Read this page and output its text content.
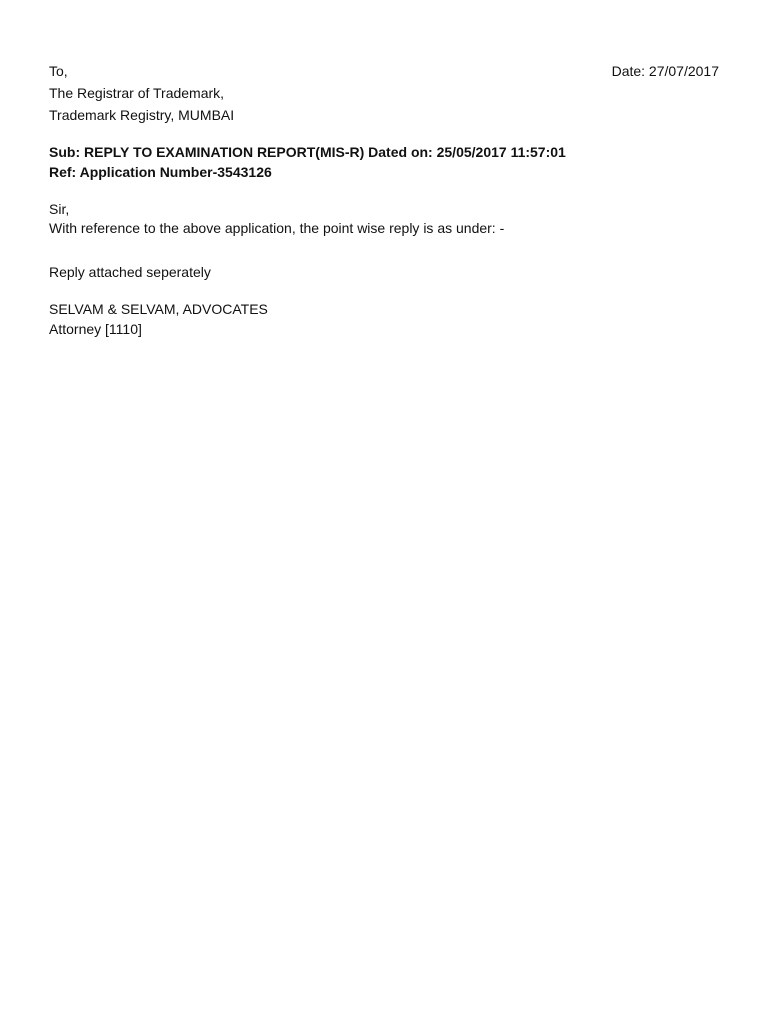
To,	Date: 27/07/2017
The Registrar of Trademark,
Trademark Registry, MUMBAI
Sub: REPLY TO EXAMINATION REPORT(MIS-R) Dated on: 25/05/2017 11:57:01
Ref: Application Number-3543126
Sir,
With reference to the above application, the point wise reply is as under: -
Reply attached seperately
SELVAM & SELVAM, ADVOCATES
Attorney [1110]
